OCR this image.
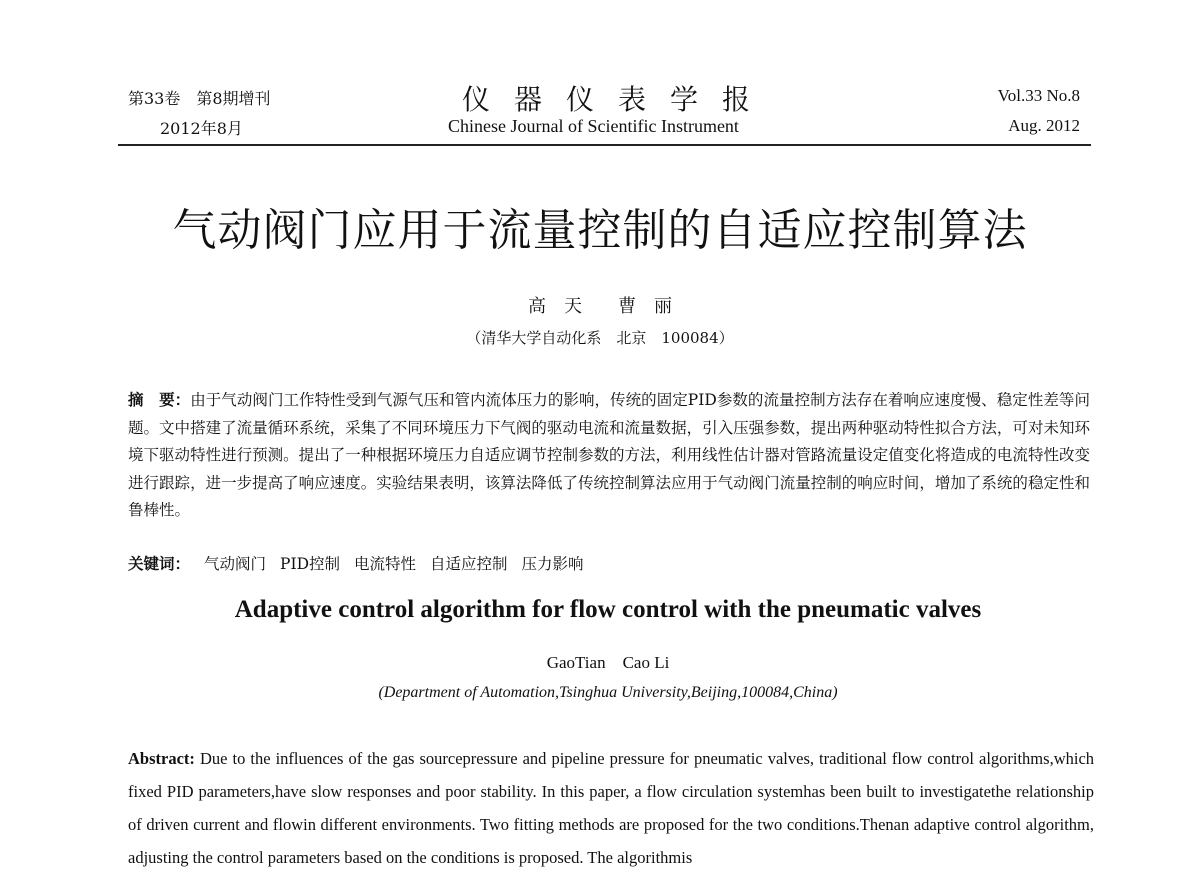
第33卷　第8期增刊
2012年8月
仪器仪表学报
Chinese Journal of Scientific Instrument
Vol.33 No.8
Aug. 2012
气动阀门应用于流量控制的自适应控制算法
高　天　　曹　丽
（清华大学自动化系　北京　100084）

摘　要：由于气动阀门工作特性受到气源气压和管内流体压力的影响，传统的固定PID参数的流量控制方法存在着响应速度慢、稳定性差等问题。文中搭建了流量循环系统，采集了不同环境压力下气阀的驱动电流和流量数据，引入压强参数，提出两种驱动特性拟合方法，可对未知环境下驱动特性进行预测。提出了一种根据环境压力自适应调节控制参数的方法，利用线性估计器对管路流量设定值变化将造成的电流特性改变进行跟踪，进一步提高了响应速度。实验结果表明，该算法降低了传统控制算法应用于气动阀门流量控制的响应时间，增加了系统的稳定性和鲁棒性。

关键词： 气动阀门 PID控制 电流特性 自适应控制 压力影响
Adaptive control algorithm for flow control with the pneumatic valves
GaoTian　Cao Li
(Department of Automation,Tsinghua University,Beijing,100084,China)

Abstract: Due to the influences of the gas sourcepressure and pipeline pressure for pneumatic valves, traditional flow control algorithms,which fixed PID parameters,have slow responses and poor stability. In this paper, a flow circulation systemhas been built to investigatethe relationship of driven current and flowin different environments. Two fitting methods are proposed for the two conditions.Thenan adaptive control algorithm, adjusting the control parameters based on the conditions is proposed. The algorithmis
